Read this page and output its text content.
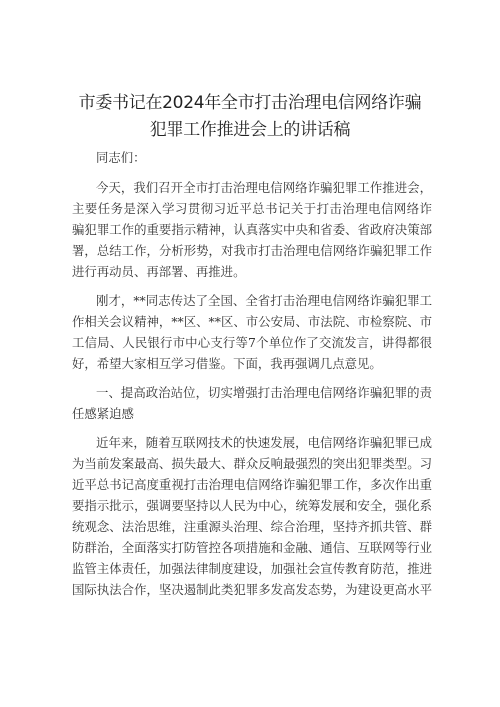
市委书记在2024年全市打击治理电信网络诈骗
犯罪工作推进会上的讲话稿

同志们：

今天，我们召开全市打击治理电信网络诈骗犯罪工作推进会，

主要任务是深入学习贯彻习近平总书记关于打击治理电信网络诈

骗犯罪工作的重要指示精神，认真落实中央和省委、省政府决策部

署，总结工作，分析形势，对我市打击治理电信网络诈骗犯罪工作

进行再动员、再部署、再推进。

刚才，**同志传达了全国、全省打击治理电信网络诈骗犯罪工

作相关会议精神，**区、**区、市公安局、市法院、市检察院、市

工信局、人民银行市中心支行等7个单位作了交流发言，讲得都很

好，希望大家相互学习借鉴。下面，我再强调几点意见。

一、提高政治站位，切实增强打击治理电信网络诈骗犯罪的责

任感紧迫感

近年来，随着互联网技术的快速发展，电信网络诈骗犯罪已成

为当前发案最高、损失最大、群众反响最强烈的突出犯罪类型。习

近平总书记高度重视打击治理电信网络诈骗犯罪工作，多次作出重

要指示批示，强调要坚持以人民为中心，统筹发展和安全，强化系

统观念、法治思维，注重源头治理、综合治理，坚持齐抓共管、群

防群治，全面落实打防管控各项措施和金融、通信、互联网等行业

监管主体责任，加强法律制度建设，加强社会宣传教育防范，推进

国际执法合作，坚决遏制此类犯罪多发高发态势，为建设更高水平
